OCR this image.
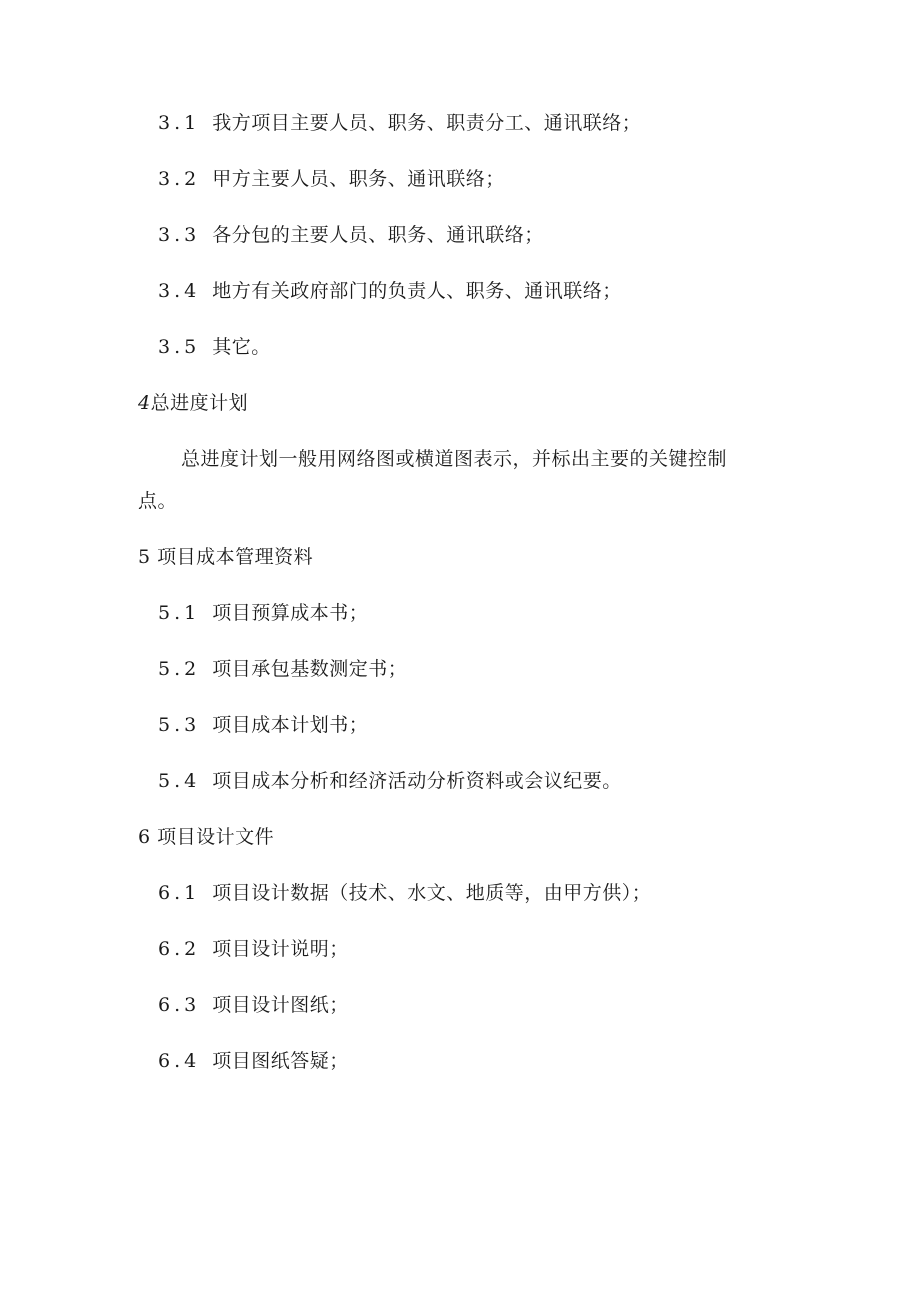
3.1 我方项目主要人员、职务、职责分工、通讯联络；
3.2 甲方主要人员、职务、通讯联络；
3.3 各分包的主要人员、职务、通讯联络；
3.4 地方有关政府部门的负责人、职务、通讯联络；
3.5 其它。
4总进度计划
总进度计划一般用网络图或横道图表示，并标出主要的关键控制
点。
5 项目成本管理资料
5.1 项目预算成本书；
5.2 项目承包基数测定书；
5.3 项目成本计划书；
5.4 项目成本分析和经济活动分析资料或会议纪要。
6 项目设计文件
6.1 项目设计数据（技术、水文、地质等，由甲方供）；
6.2 项目设计说明；
6.3 项目设计图纸；
6.4 项目图纸答疑；
